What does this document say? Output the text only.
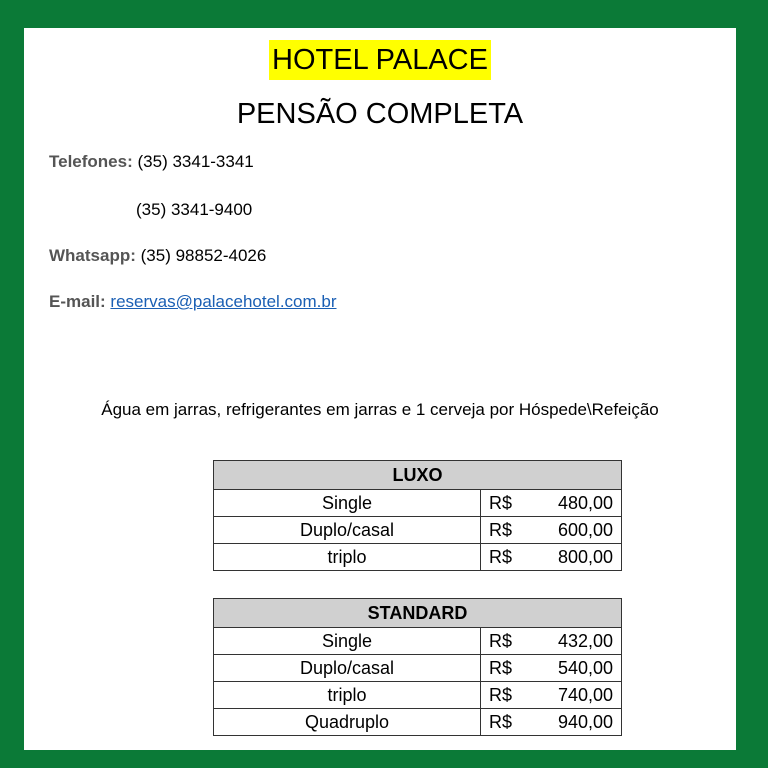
HOTEL PALACE
PENSÃO COMPLETA
Telefones: (35) 3341-3341
(35) 3341-9400
Whatsapp: (35) 98852-4026
E-mail: reservas@palacehotel.com.br
Água em jarras, refrigerantes em jarras e 1 cerveja por Hóspede\Refeição
LUXO	
Single	R$ 480,00

Duplo/casal	R$ 600,00

triplo	R$ 800,00
STANDARD	
Single	R$ 432,00

Duplo/casal	R$ 540,00

triplo	R$ 740,00

Quadruplo	R$ 940,00
